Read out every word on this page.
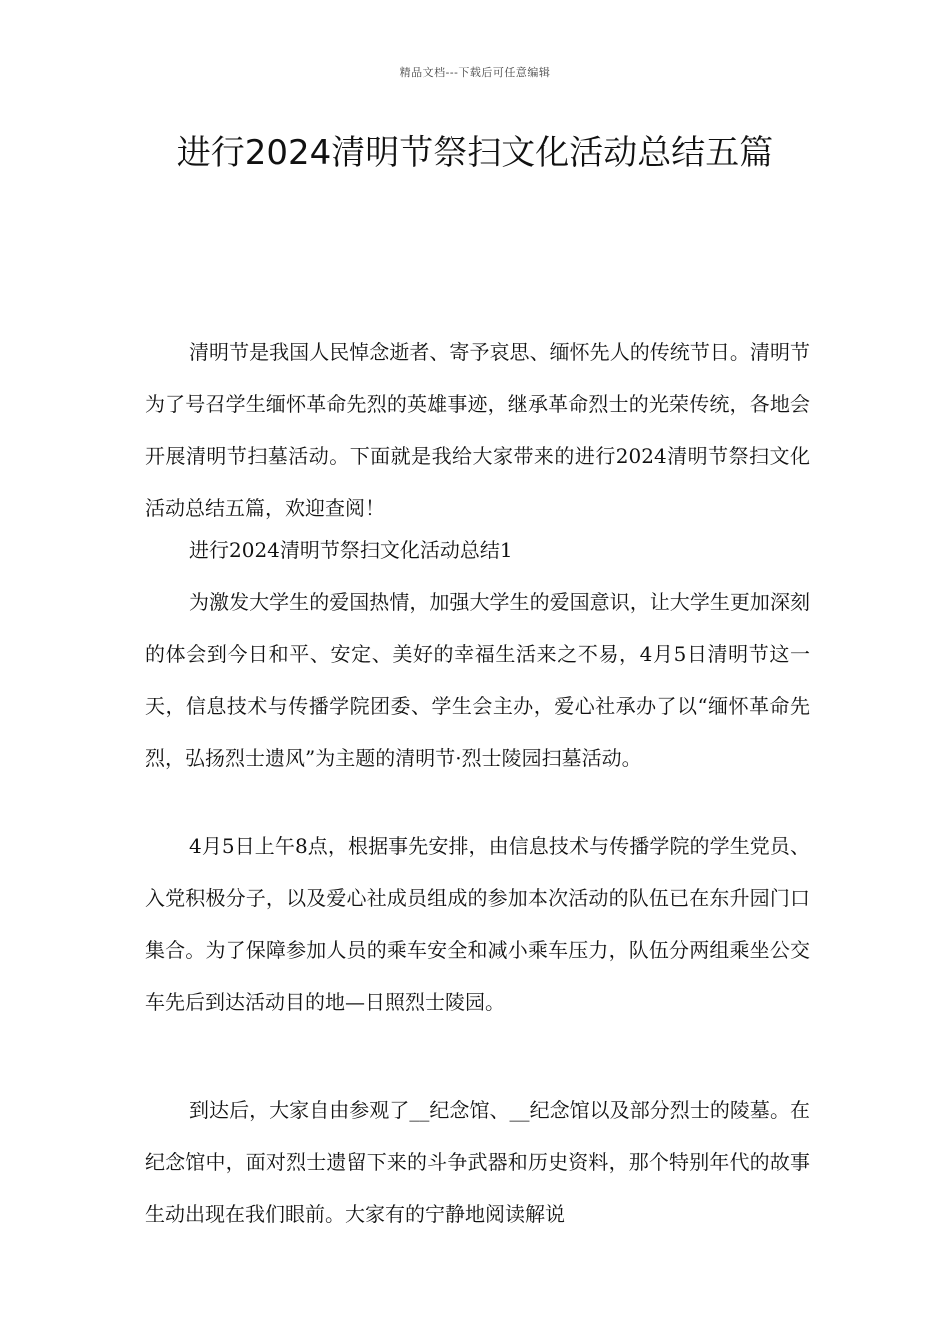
精品文档---下载后可任意编辑
进行2024清明节祭扫文化活动总结五篇

清明节是我国人民悼念逝者、寄予哀思、缅怀先人的传统节日。清明节为了号召学生缅怀革命先烈的英雄事迹，继承革命烈士的光荣传统，各地会开展清明节扫墓活动。下面就是我给大家带来的进行2024清明节祭扫文化活动总结五篇，欢迎查阅！

进行2024清明节祭扫文化活动总结1

为激发大学生的爱国热情，加强大学生的爱国意识，让大学生更加深刻的体会到今日和平、安定、美好的幸福生活来之不易，4月5日清明节这一天，信息技术与传播学院团委、学生会主办，爱心社承办了以“缅怀革命先烈，弘扬烈士遗风”为主题的清明节·烈士陵园扫墓活动。

4月5日上午8点，根据事先安排，由信息技术与传播学院的学生党员、入党积极分子，以及爱心社成员组成的参加本次活动的队伍已在东升园门口集合。为了保障参加人员的乘车安全和减小乘车压力，队伍分两组乘坐公交车先后到达活动目的地—日照烈士陵园。

到达后，大家自由参观了__纪念馆、__纪念馆以及部分烈士的陵墓。在纪念馆中，面对烈士遗留下来的斗争武器和历史资料，那个特别年代的故事生动出现在我们眼前。大家有的宁静地阅读解说
